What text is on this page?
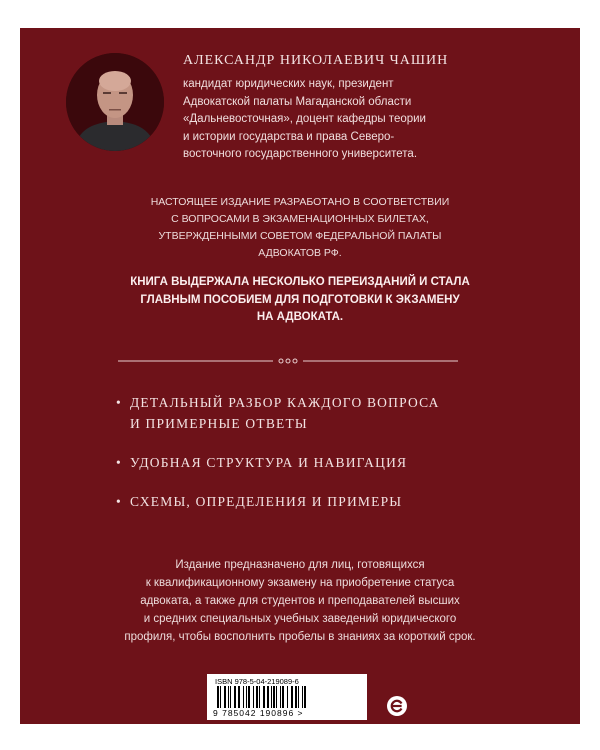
АЛЕКСАНДР НИКОЛАЕВИЧ ЧАШИН
кандидат юридических наук, президент
Адвокатской палаты Магаданской области
«Дальневосточная», доцент кафедры теории
и истории государства и права Северо-
восточного государственного университета.
НАСТОЯЩЕЕ ИЗДАНИЕ РАЗРАБОТАНО В СООТВЕТСТВИИ
С ВОПРОСАМИ В ЭКЗАМЕНАЦИОННЫХ БИЛЕТАХ,
УТВЕРЖДЕННЫМИ СОВЕТОМ ФЕДЕРАЛЬНОЙ ПАЛАТЫ
АДВОКАТОВ РФ.
КНИГА ВЫДЕРЖАЛА НЕСКОЛЬКО ПЕРЕИЗДАНИЙ И СТАЛА
ГЛАВНЫМ ПОСОБИЕМ ДЛЯ ПОДГОТОВКИ К ЭКЗАМЕНУ
НА АДВОКАТА.
• ДЕТАЛЬНЫЙ РАЗБОР КАЖДОГО ВОПРОСА
И ПРИМЕРНЫЕ ОТВЕТЫ
• УДОБНАЯ СТРУКТУРА И НАВИГАЦИЯ
• СХЕМЫ, ОПРЕДЕЛЕНИЯ И ПРИМЕРЫ
Издание предназначено для лиц, готовящихся
к квалификационному экзамену на приобретение статуса
адвоката, а также для студентов и преподавателей высших
и средних специальных учебных заведений юридического
профиля, чтобы восполнить пробелы в знаниях за короткий срок.
ISBN 978-5-04-219089-6
9 785042 190896 >
